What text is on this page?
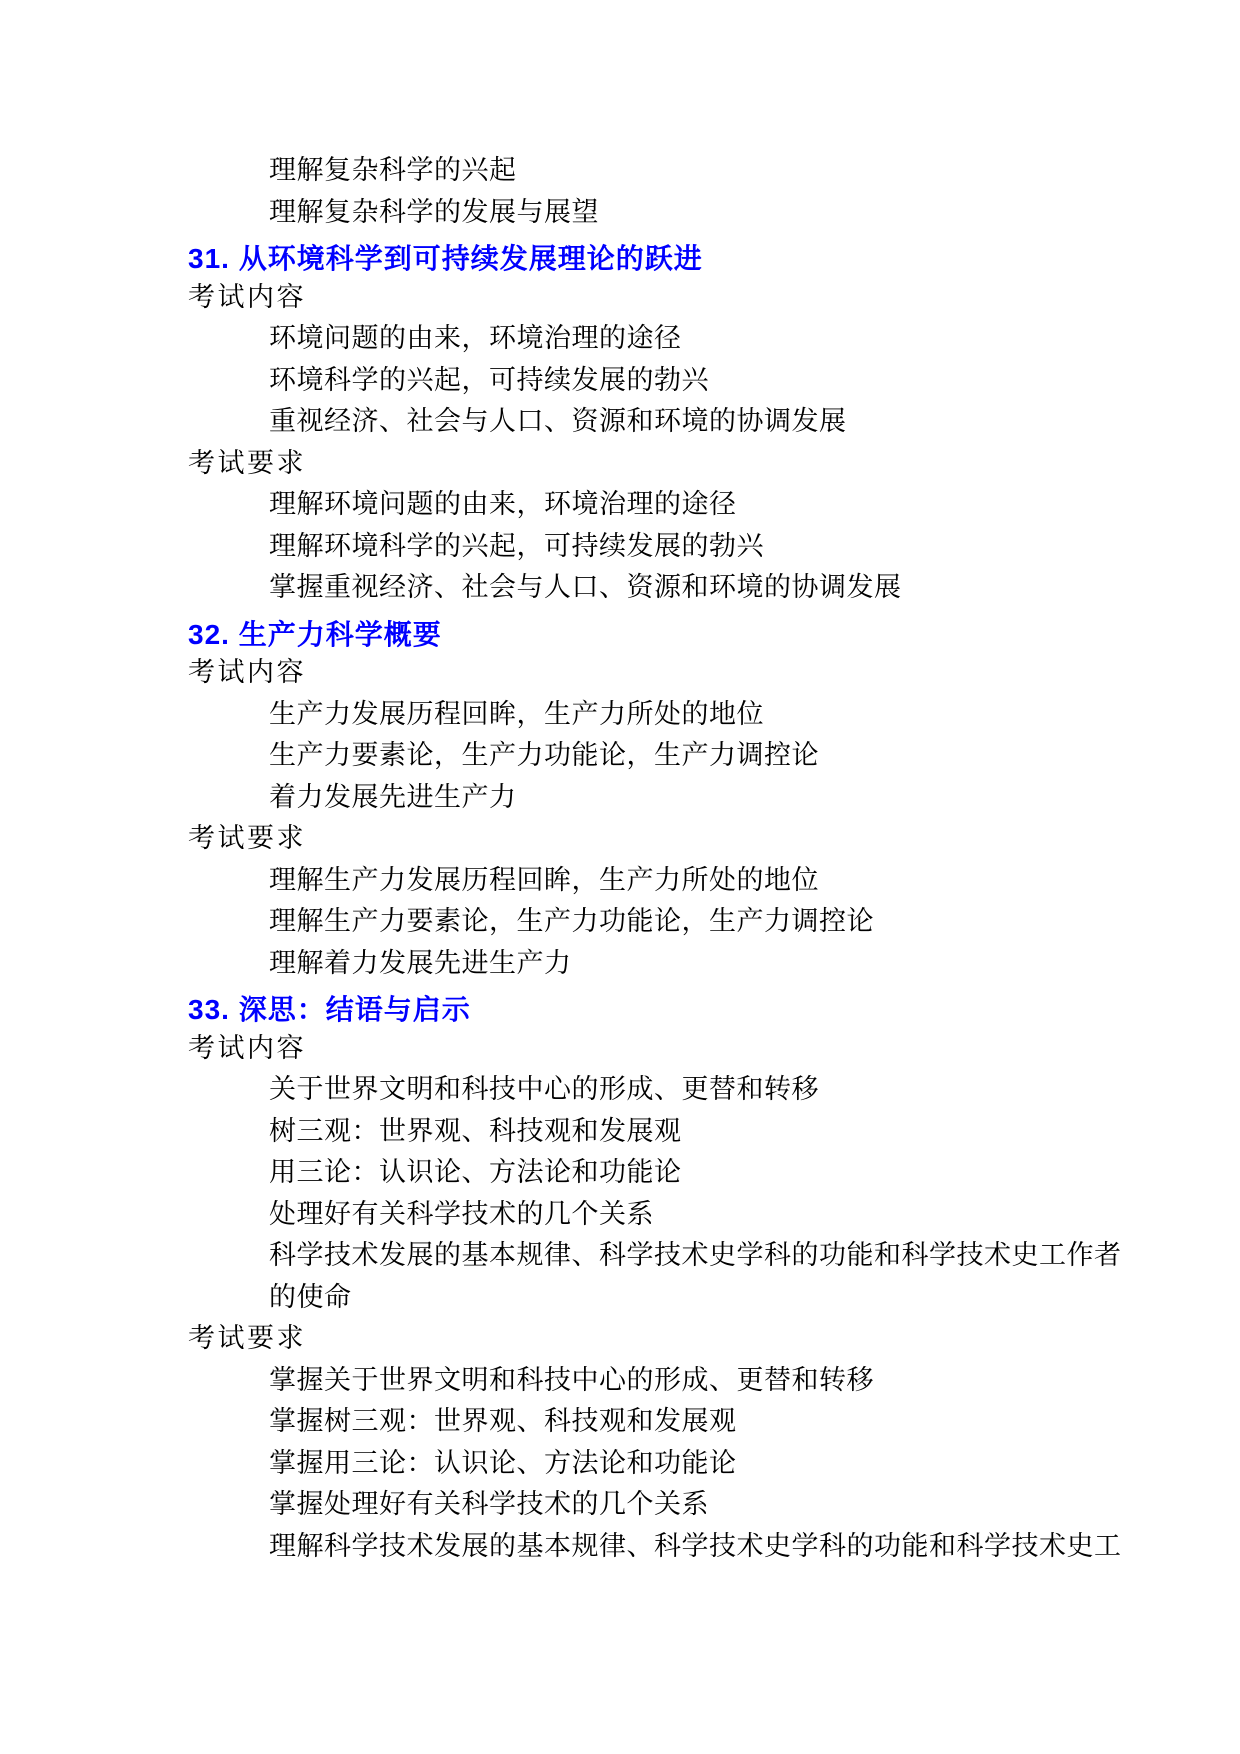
理解复杂科学的兴起
理解复杂科学的发展与展望
31. 从环境科学到可持续发展理论的跃进
考试内容
环境问题的由来，环境治理的途径
环境科学的兴起，可持续发展的勃兴
重视经济、社会与人口、资源和环境的协调发展
考试要求
理解环境问题的由来，环境治理的途径
理解环境科学的兴起，可持续发展的勃兴
掌握重视经济、社会与人口、资源和环境的协调发展
32. 生产力科学概要
考试内容
生产力发展历程回眸，生产力所处的地位
生产力要素论，生产力功能论，生产力调控论
着力发展先进生产力
考试要求
理解生产力发展历程回眸，生产力所处的地位
理解生产力要素论，生产力功能论，生产力调控论
理解着力发展先进生产力
33. 深思：结语与启示
考试内容
关于世界文明和科技中心的形成、更替和转移
树三观：世界观、科技观和发展观
用三论：认识论、方法论和功能论
处理好有关科学技术的几个关系
科学技术发展的基本规律、科学技术史学科的功能和科学技术史工作者
的使命
考试要求
掌握关于世界文明和科技中心的形成、更替和转移
掌握树三观：世界观、科技观和发展观
掌握用三论：认识论、方法论和功能论
掌握处理好有关科学技术的几个关系
理解科学技术发展的基本规律、科学技术史学科的功能和科学技术史工
